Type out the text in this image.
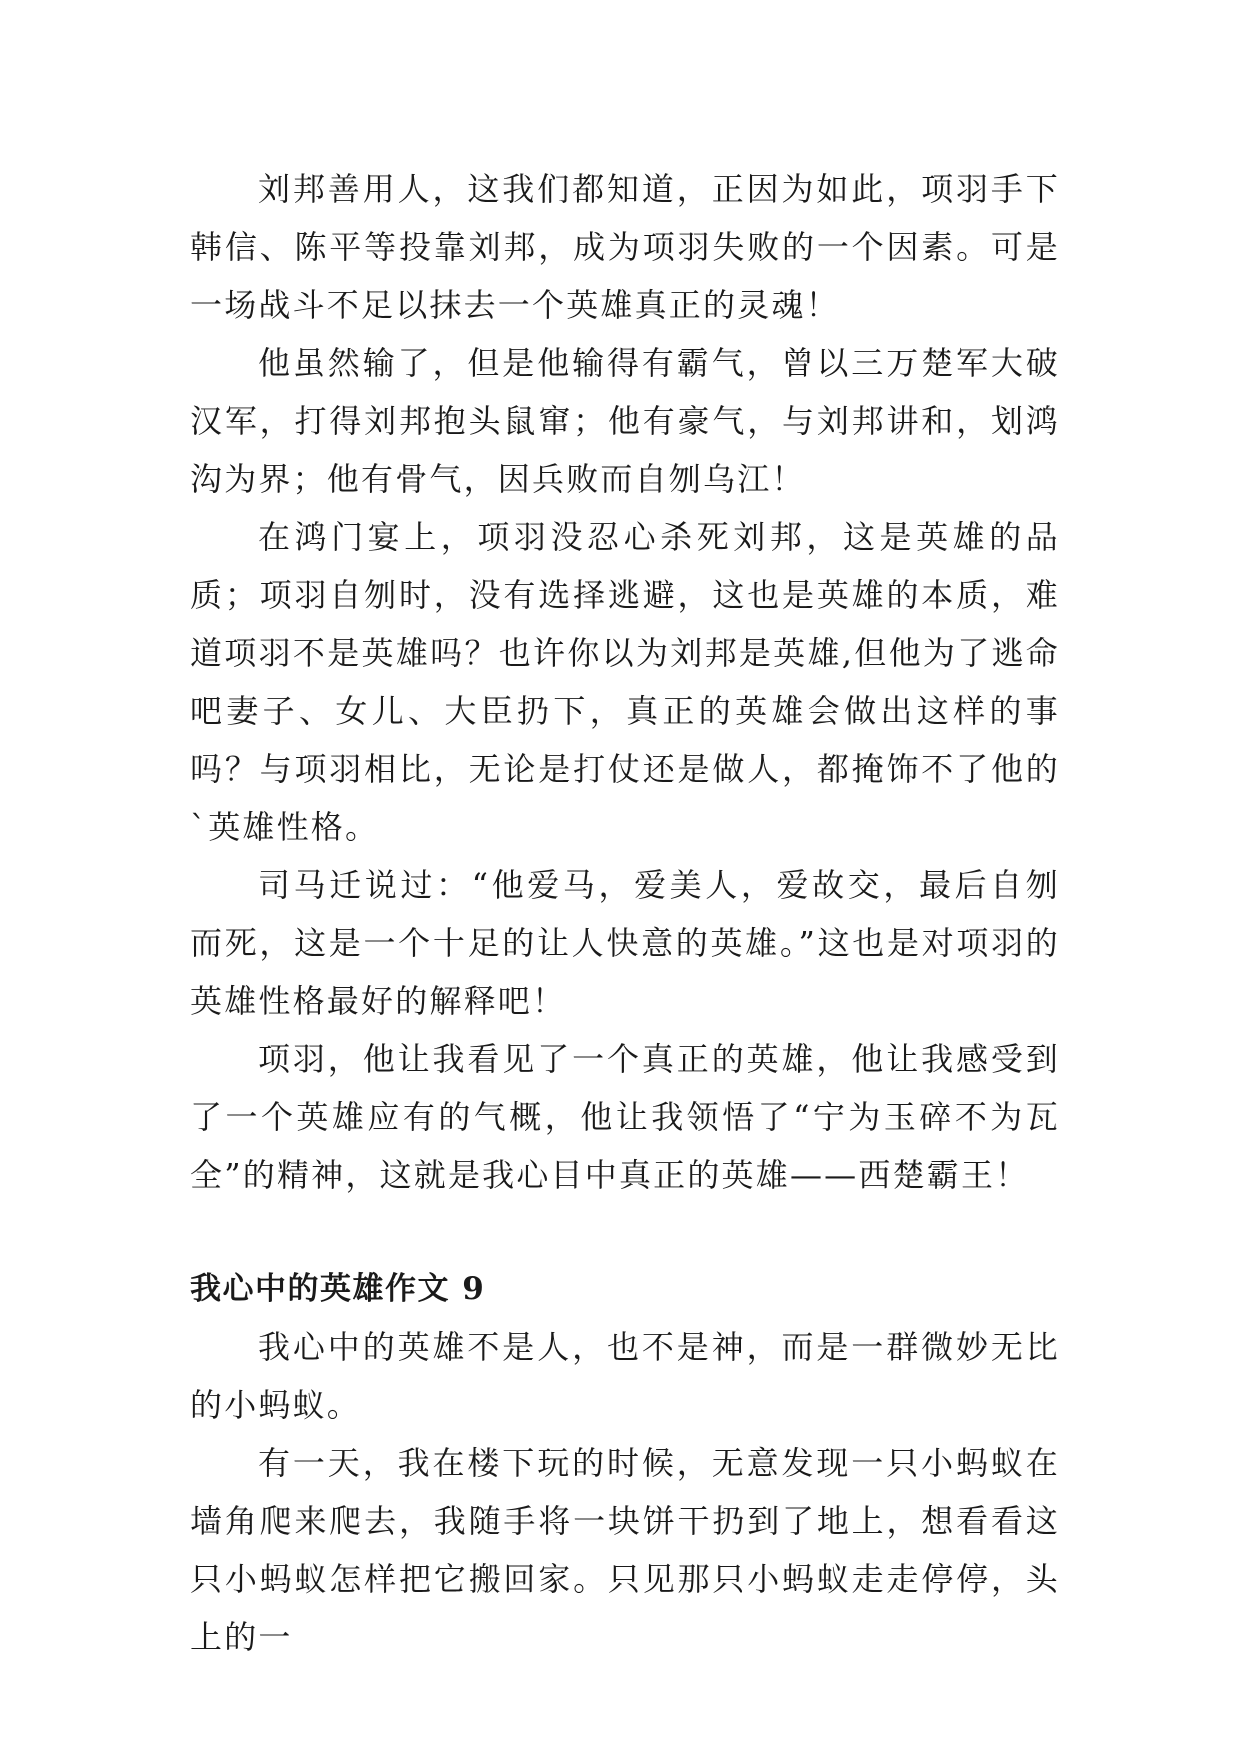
刘邦善用人，这我们都知道，正因为如此，项羽手下韩信、陈平等投靠刘邦，成为项羽失败的一个因素。可是一场战斗不足以抹去一个英雄真正的灵魂！

他虽然输了，但是他输得有霸气，曾以三万楚军大破汉军，打得刘邦抱头鼠窜；他有豪气，与刘邦讲和，划鸿沟为界；他有骨气，因兵败而自刎乌江！

在鸿门宴上，项羽没忍心杀死刘邦，这是英雄的品质；项羽自刎时，没有选择逃避，这也是英雄的本质，难道项羽不是英雄吗？也许你以为刘邦是英雄,但他为了逃命吧妻子、女儿、大臣扔下，真正的英雄会做出这样的事吗？与项羽相比，无论是打仗还是做人，都掩饰不了他的`英雄性格。

司马迁说过：“他爱马，爱美人，爱故交，最后自刎而死，这是一个十足的让人快意的英雄。”这也是对项羽的英雄性格最好的解释吧！

项羽，他让我看见了一个真正的英雄，他让我感受到了一个英雄应有的气概，他让我领悟了“宁为玉碎不为瓦全”的精神，这就是我心目中真正的英雄——西楚霸王！

我心中的英雄作文 9

我心中的英雄不是人，也不是神，而是一群微妙无比的小蚂蚁。

有一天，我在楼下玩的时候，无意发现一只小蚂蚁在墙角爬来爬去，我随手将一块饼干扔到了地上，想看看这只小蚂蚁怎样把它搬回家。只见那只小蚂蚁走走停停，头上的一
